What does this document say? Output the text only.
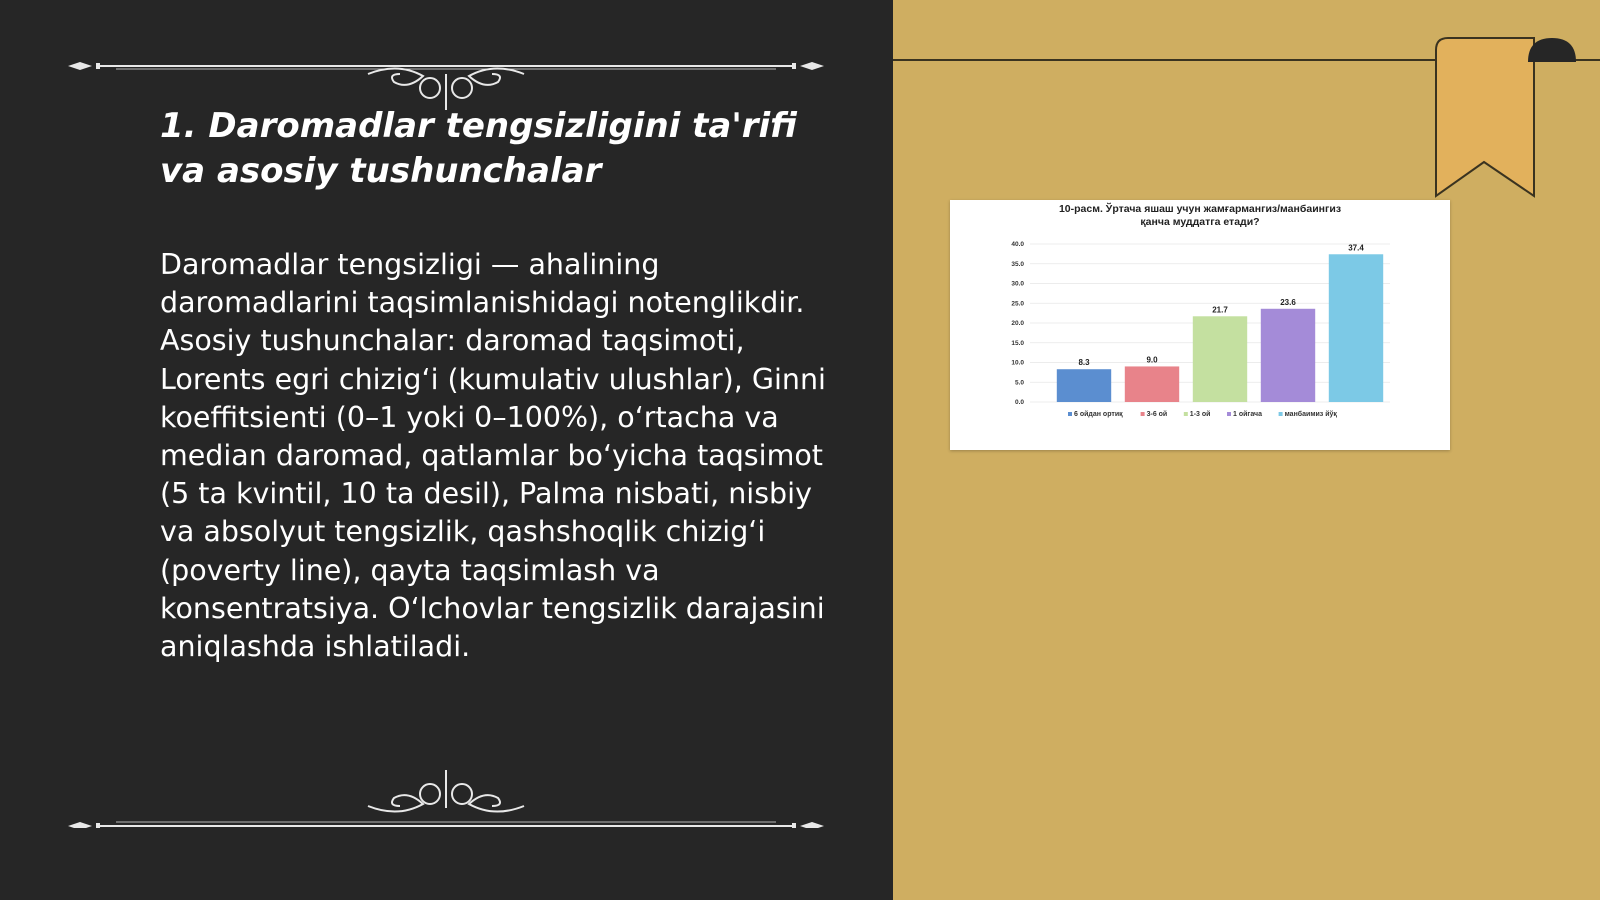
1. Daromadlar tengsizligini ta'rifi va asosiy tushunchalar

Daromadlar tengsizligi — ahalining daromadlarini taqsimlanishidagi notenglikdir. Asosiy tushunchalar: daromad taqsimoti, Lorents egri chizig‘i (kumulativ ulushlar), Ginni koeffitsienti (0–1 yoki 0–100%), o‘rtacha va median daromad, qatlamlar bo‘yicha taqsimot (5 ta kvintil, 10 ta desil), Palma nisbati, nisbiy va absolyut tengsizlik, qashshoqlik chizig‘i (poverty line), qayta taqsimlash va konsentratsiya. O‘lchovlar tengsizlik darajasini aniqlashda ishlatiladi.

10-расм. Ўртача яшаш учун жамғармангиз/манбаингиз
қанча муддатга етади?
0.0
5.0
10.0
15.0
20.0
25.0
30.0
35.0
40.0
8.3	9.0
21.7
23.6
37.4
6 ойдан ортиқ	3-6 ой	1-3 ой	1 ойгача	манбаимиз йўқ
